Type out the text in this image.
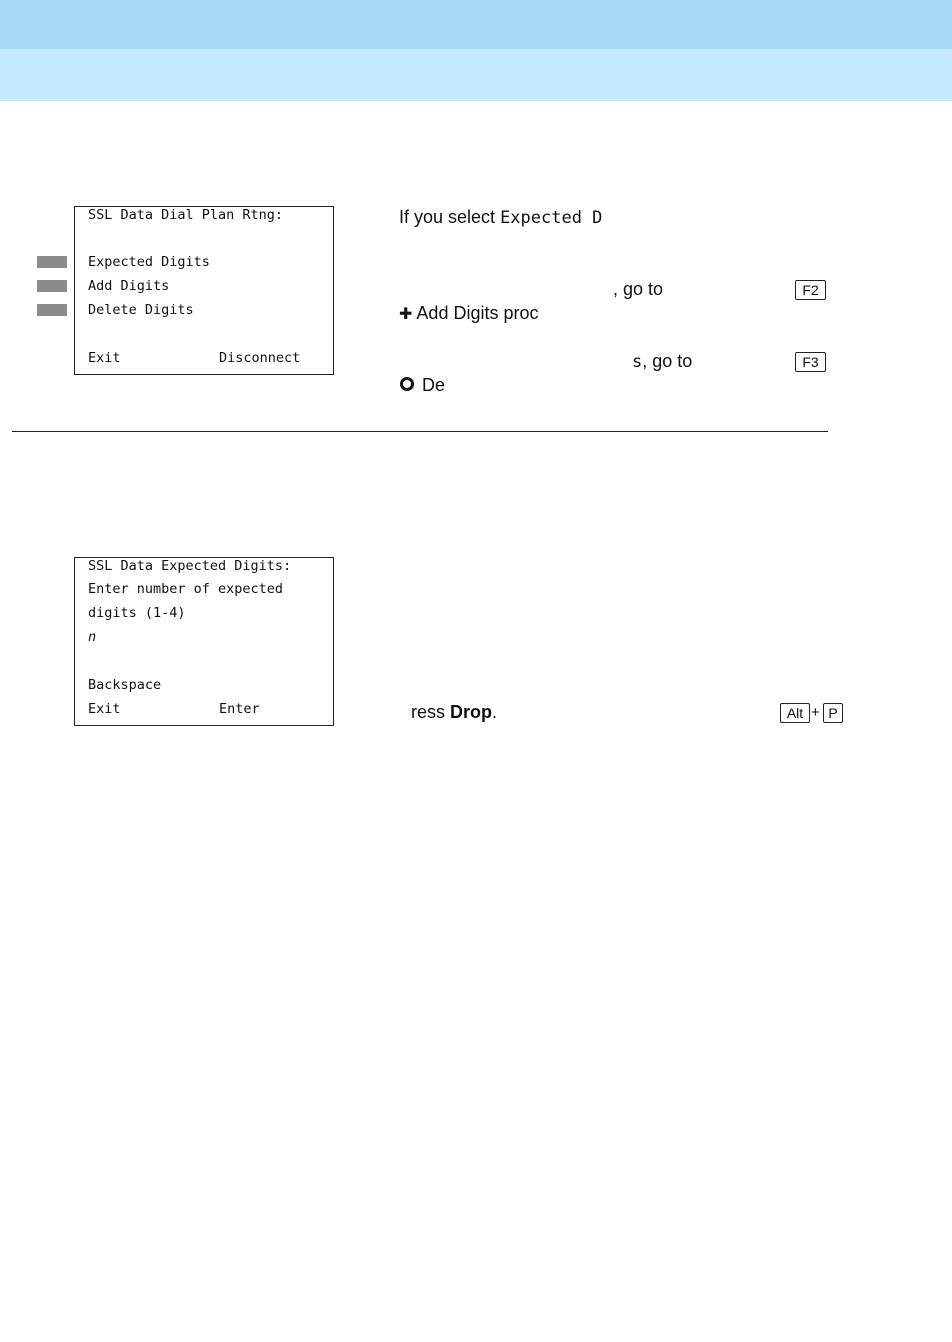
SSL Data Dial Plan Rtng:
Expected Digits
Add Digits
Delete Digits
Exit	Disconnect
If you select Expected D
, go to	F2
✚ Add Digits proc
s, go to	F3
De
SSL Data Expected Digits:
Enter number of expected
digits (1-4)
n
Backspace
Exit	Enter	ress Drop.	Alt + P
